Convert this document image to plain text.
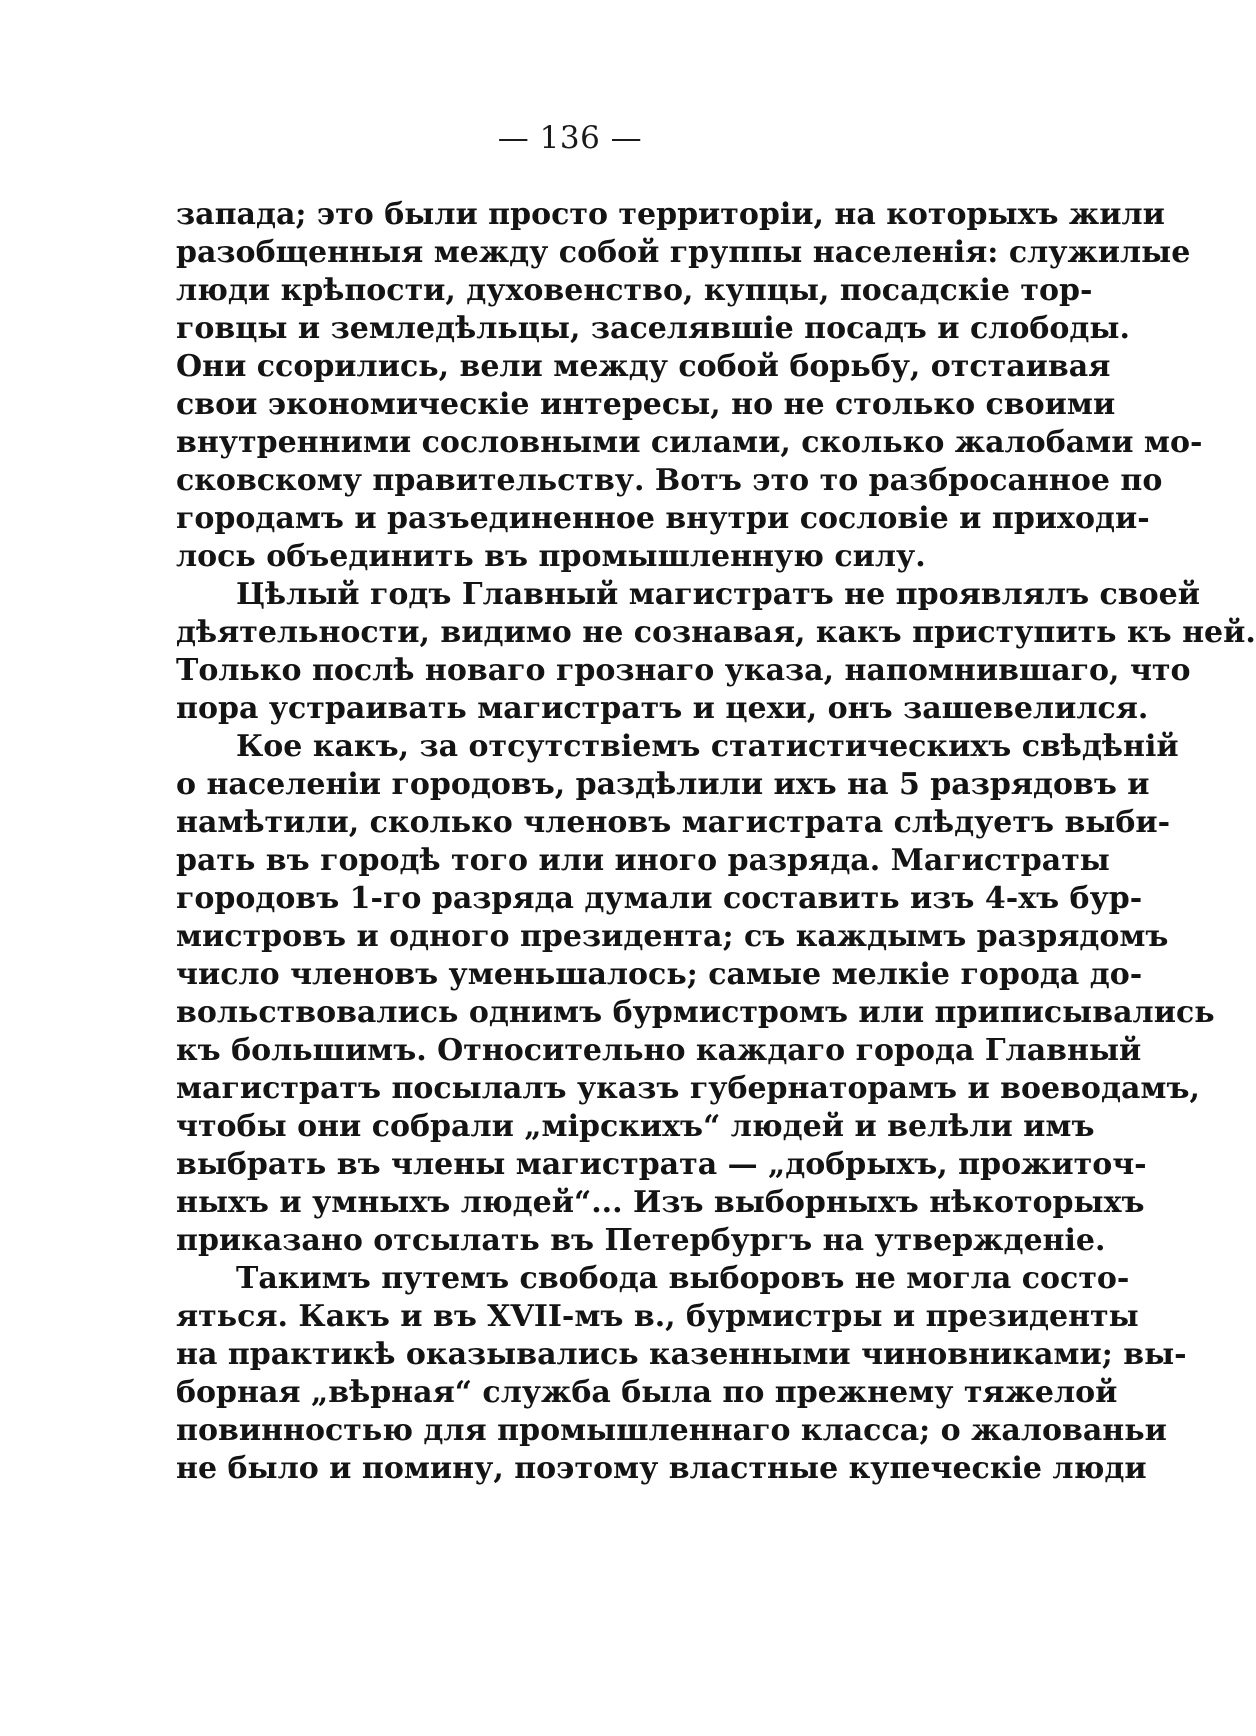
— 136 —
запада; это были просто территоріи, на которыхъ жили
разобщенныя между собой группы населенія: служилые
люди крѣпости, духовенство, купцы, посадскіе тор-
говцы и земледѣльцы, заселявшіе посадъ и слободы.
Они ссорились, вели между собой борьбу, отстаивая
свои экономическіе интересы, но не столько своими
внутренними сословными силами, сколько жалобами мо-
сковскому правительству. Вотъ это то разбросанное по
городамъ и разъединенное внутри сословіе и приходи-
лось объединить въ промышленную силу.
Цѣлый годъ Главный магистратъ не проявлялъ своей
дѣятельности, видимо не сознавая, какъ приступить къ ней.
Только послѣ новаго грознаго указа, напомнившаго, что
пора устраивать магистратъ и цехи, онъ зашевелился.
Кое какъ, за отсутствіемъ статистическихъ свѣдѣній
о населеніи городовъ, раздѣлили ихъ на 5 разрядовъ и
намѣтили, сколько членовъ магистрата слѣдуетъ выби-
рать въ городѣ того или иного разряда. Магистраты
городовъ 1-го разряда думали составить изъ 4-хъ бур-
мистровъ и одного президента; съ каждымъ разрядомъ
число членовъ уменьшалось; самые мелкіе города до-
вольствовались однимъ бурмистромъ или приписывались
къ большимъ. Относительно каждаго города Главный
магистратъ посылалъ указъ губернаторамъ и воеводамъ,
чтобы они собрали „мірскихъ“ людей и велѣли имъ
выбрать въ члены магистрата — „добрыхъ, прожиточ-
ныхъ и умныхъ людей“... Изъ выборныхъ нѣкоторыхъ
приказано отсылать въ Петербургъ на утвержденіе.
Такимъ путемъ свобода выборовъ не могла состо-
яться. Какъ и въ XVII-мъ в., бурмистры и президенты
на практикѣ оказывались казенными чиновниками; вы-
борная „вѣрная“ служба была по прежнему тяжелой
повинностью для промышленнаго класса; о жалованьи
не было и помину, поэтому властные купеческіе люди
